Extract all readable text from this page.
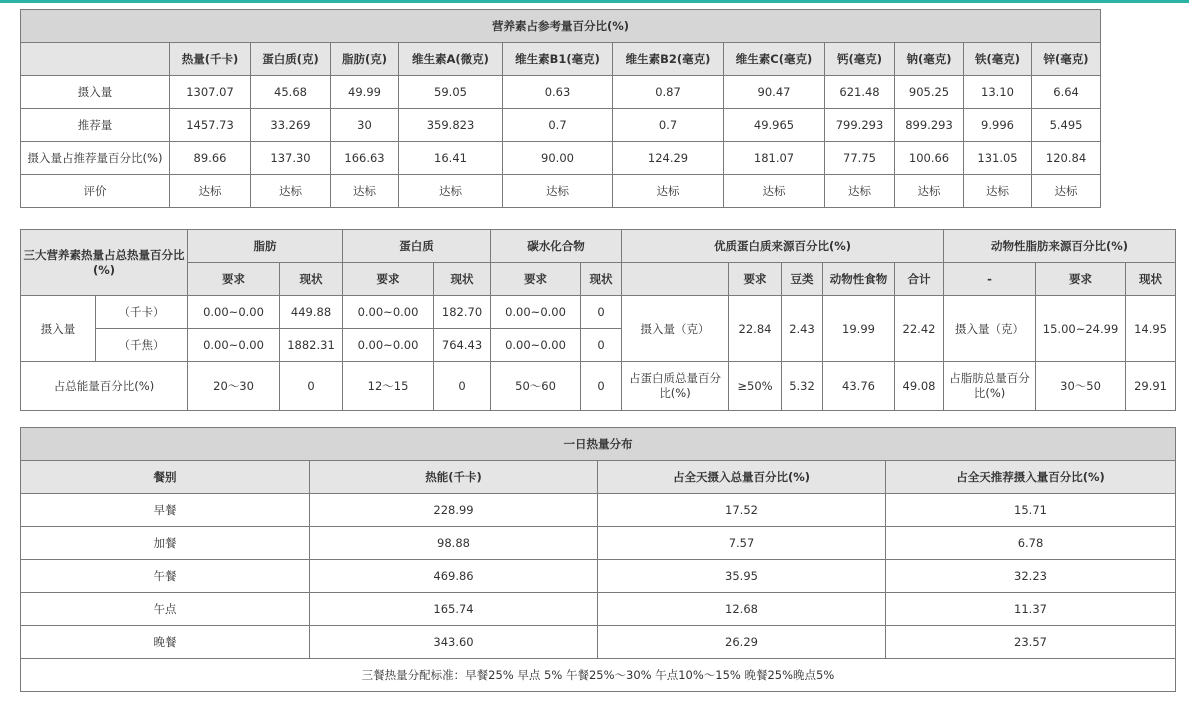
营养素占参考量百分比(%)											
	热量(千卡)	蛋白质(克)	脂肪(克)	维生素A(微克)	维生素B1(毫克)	维生素B2(毫克)	维生素C(毫克)	钙(毫克)	钠(毫克)	铁(毫克)	锌(毫克)
摄入量	1307.07	45.68	49.99	59.05	0.63	0.87	90.47	621.48	905.25	13.10	6.64
推荐量	1457.73	33.269	30	359.823	0.7	0.7	49.965	799.293	899.293	9.996	5.495
摄入量占推荐量百分比(%)	89.66	137.30	166.63	16.41	90.00	124.29	181.07	77.75	100.66	131.05	120.84
评价	达标	达标	达标	达标	达标	达标	达标	达标	达标	达标	达标
三大营养素热量占总热量百分比(%)		脂肪		蛋白质		碳水化合物		优质蛋白质来源百分比(%)					动物性脂肪来源百分比(%)		
		要求	现状	要求	现状	要求	现状		要求	豆类	动物性食物	合计	-	要求	现状
摄入量	（千卡）	0.00~0.00	449.88	0.00~0.00	182.70	0.00~0.00	0	摄入量（克）	22.84	2.43	19.99	22.42	摄入量（克）	15.00~24.99	14.95
	（千焦）	0.00~0.00	1882.31	0.00~0.00	764.43	0.00~0.00	0								
占总能量百分比(%)		20～30	0	12～15	0	50～60	0	占蛋白质总量百分比(%)	≥50%	5.32	43.76	49.08	占脂肪总量百分比(%)	30～50	29.91
一日热量分布			
餐别	热能(千卡)	占全天摄入总量百分比(%)	占全天推荐摄入量百分比(%)
早餐	228.99	17.52	15.71
加餐	98.88	7.57	6.78
午餐	469.86	35.95	32.23
午点	165.74	12.68	11.37
晚餐	343.60	26.29	23.57
三餐热量分配标准：早餐25% 早点 5% 午餐25%～30% 午点10%～15% 晚餐25%晚点5%			
